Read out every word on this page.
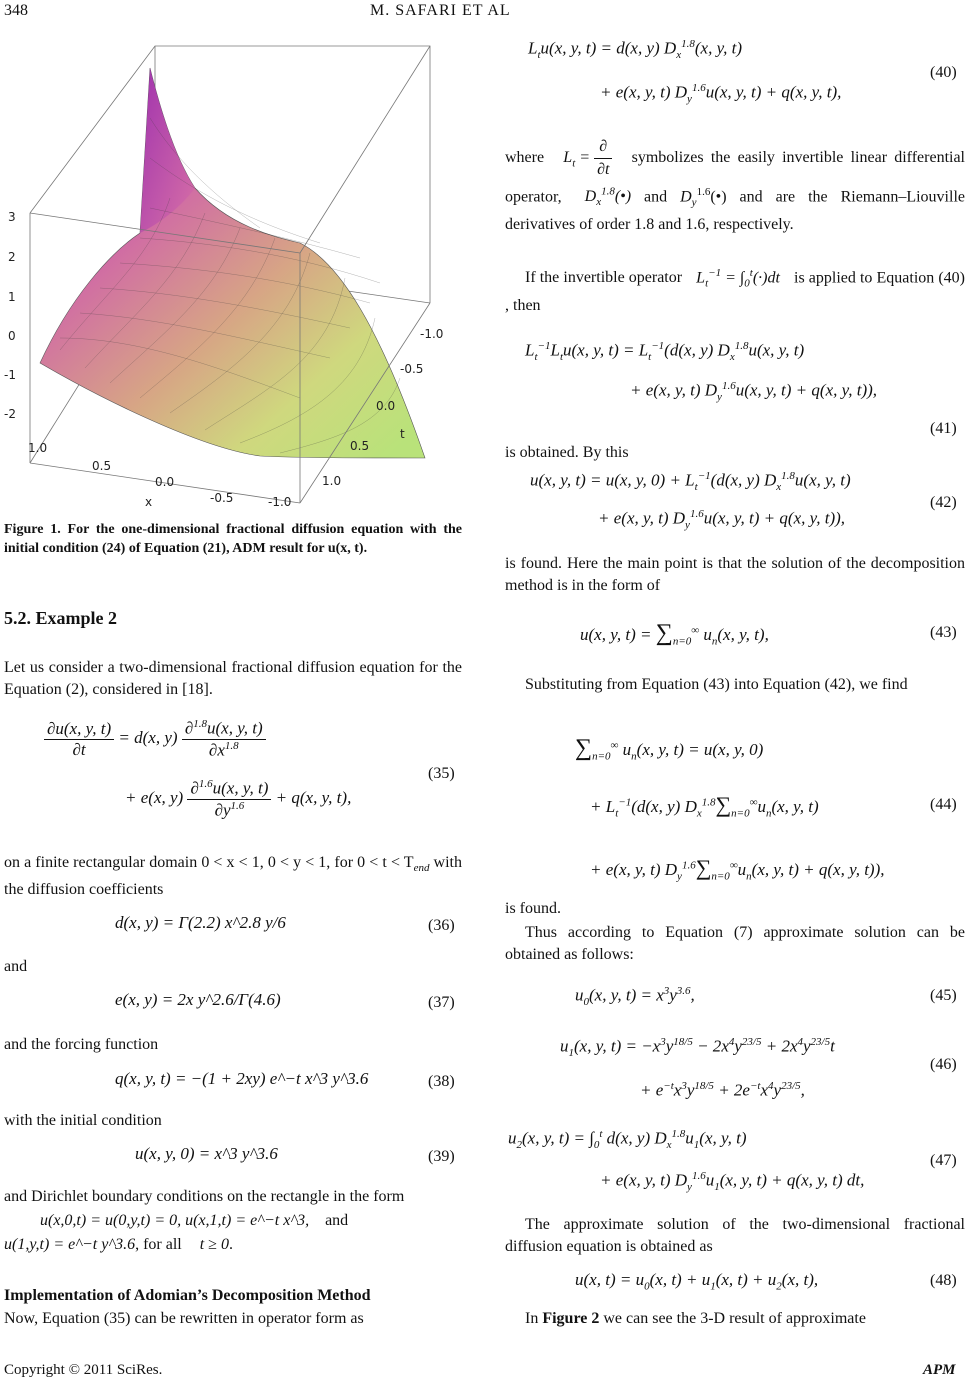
348	M. SAFARI ET AL
3
2
1
0
-1
-2
1.0
0.5
0.0
-0.5	-1.0
x
-1.0
-0.5
0.0
0.5
1.0
t
Figure 1. For the one-dimensional fractional diffusion equation with the initial condition (24) of Equation (21), ADM result for u(x, t).
5.2. Example 2
Let us consider a two-dimensional fractional diffusion equation for the Equation (2), considered in [18].
$\frac{\partial u(x, y, t)}{\partial t} = d(x$, $y) \frac{\partial^{1.8}u(x, y, t)}{\partial x^{1.8}}$
+ e(x, $y) \frac{\partial^{1.6}u(x, y, t)}{\partial y^{1.6}} + q(x$, y, t),
(35)
on a finite rectangular domain 0 < x < 1, 0 < y < 1, for $0 < t < T_{end}$ with the diffusion coefficients
d(x, y) = Γ(2.2) x^2.8 y/6	(36)
and
e(x, y) = 2x y^2.6/Γ(4.6)	(37)
and the forcing function
q(x, y, t) = −(1 + 2xy) e^−t x^3 y^3.6	(38)
with the initial condition
u(x, y, 0) = x^3 y^3.6	(39)
and Dirichlet boundary conditions on the rectangle in the form
u(x,0,t) = u(0,y,t) = 0, u(x,1,t) = e^−t x^3, and
u(1,y,t) = e^−t y^3.6, for all t ≥ 0.
Implementation of Adomian’s Decomposition Method
Now, Equation (35) can be rewritten in operator form as
$L_tu(x$, y, t) = d(x, y) $D_x^{1.8}(x$, y, t)
+ e(x, y, t) $D_y^{1.6}u(x$, y, t) + q(x, y, t),
(40)
where $L_t = \frac{\partial}{\partial t}$ symbolizes the easily invertible linear differential operator, $D_x^{1.8}(•)$ and $D_y^{1.6}(•)$ and are the Riemann–Liouville derivatives of order 1.8 and 1.6, respectively.
If the invertible operator $L_t^{-1} = \int_0^t(\cdot)dt$ is applied to Equation (40) , then
$L_t^{-1}L_tu(x$, y, $t) = L_t^{-1}(d(x$, y) $D_x^{1.8}u(x$, y, t)
+ e(x, y, t) $D_y^{1.6}u(x$, y, t) + q(x, y, t)),
(41)
is obtained. By this
u(x, y, t) = u(x, y, $0) + L_t^{-1}(d(x$, y) $D_x^{1.8}u(x$, y, t)
+ e(x, y, t) $D_y^{1.6}u(x$, y, t) + q(x, y, t)),
(42)
is found. Here the main point is that the solution of the decomposition method is in the form of
u(x, y, $t) = \sum_{n=0}^\infty$ $u_n(x$, y, t),	(43)
Substituting from Equation (43) into Equation (42), we find
$\sum_{n=0}^\infty$ $u_n(x$, y, t) = u(x, y, 0)
+ $L_t^{-1}(d(x$, y) $D_x^{1.8}\sum_{n=0}^\infty u_n(x$, y, t)
+ e(x, y, t) $D_y^{1.6}\sum_{n=0}^\infty u_n(x$, y, t) + q(x, y, t)),
(44)
is found.
Thus according to Equation (7) approximate solution can be obtained as follows:
$u_0(x$, y, $t) = x^3y^{3.6}$,	(45)
$u_1(x$, y, $t) = -x^3y^{18/5} - 2x^4y^{23/5} + 2x^4y^{23/5}t$
+ $e^{-t}x^3y^{18/5} + 2e^{-t}x^4y^{23/5}$,
(46)
$u_2(x$, y, $t) = \int_0^t$ d(x, y) $D_x^{1.8}u_1(x$, y, t)
+ e(x, y, t) $D_y^{1.6}u_1(x$, y, t) + q(x, y, t) dt,
(47)
The approximate solution of the two-dimensional fractional diffusion equation is obtained as
u(x, $t) = u_0(x$, $t) + u_1(x$, $t) + u_2(x$, t),	(48)
In Figure 2 we can see the 3-D result of approximate
Copyright © 2011 SciRes.	APM
